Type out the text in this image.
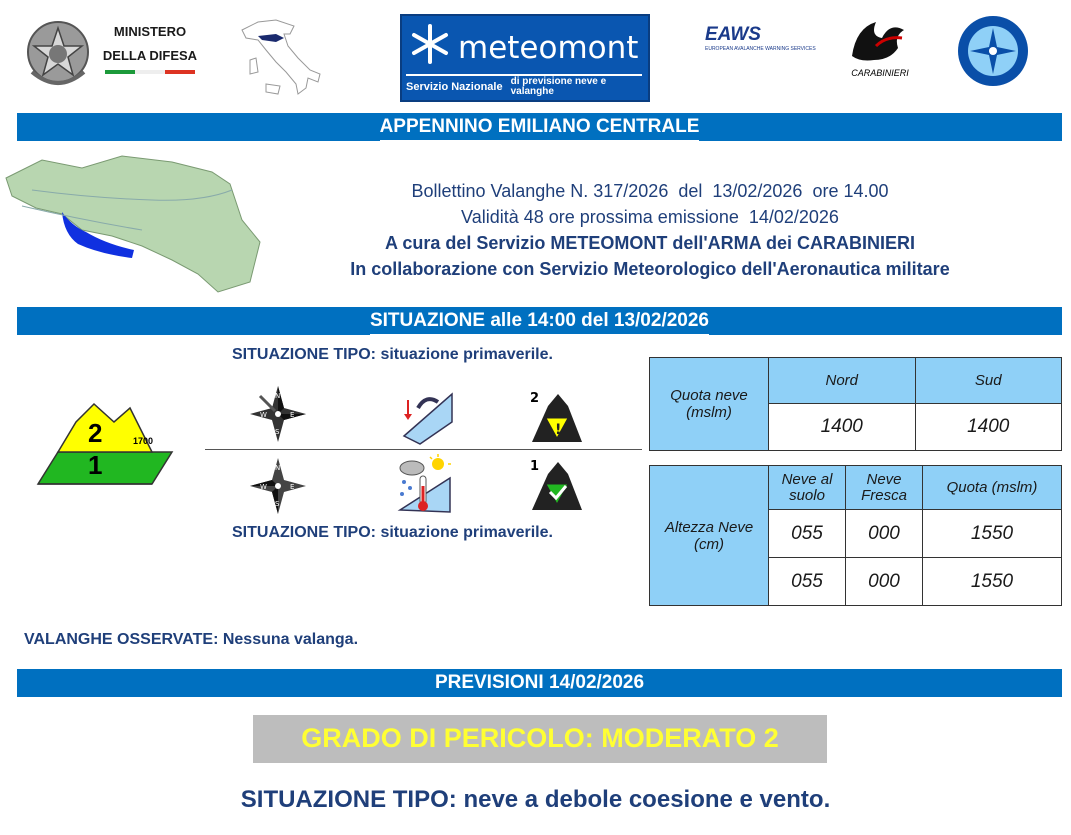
MINISTERO
DELLA DIFESA	meteomont
Servizio Nazionale di previsione neve e valanghe
EAWS
EUROPEAN AVALANCHE WARNING SERVICES
CARABINIERI
APPENNINO EMILIANO CENTRALE
Bollettino Valanghe N. 317/2026  del  13/02/2026  ore 14.00
Validità 48 ore prossima emissione  14/02/2026
A cura del Servizio METEOMONT dell'ARMA dei CARABINIERI
In collaborazione con Servizio Meteorologico dell'Aeronautica militare
SITUAZIONE alle 14:00 del 13/02/2026
SITUAZIONE TIPO: situazione primaverile.
2
1
1700
N
E
S
W
!
2
N
E
S
W
1
SITUAZIONE TIPO: situazione primaverile.
Quota neve (mslm)	Nord	Sud
	1400	1400
Altezza Neve (cm)	Neve al suolo	Neve Fresca	Quota (mslm)
	055	000	1550
	055	000	1550
VALANGHE OSSERVATE: Nessuna valanga.
PREVISIONI 14/02/2026
GRADO DI PERICOLO: MODERATO 2
SITUAZIONE TIPO: neve a debole coesione e vento.
